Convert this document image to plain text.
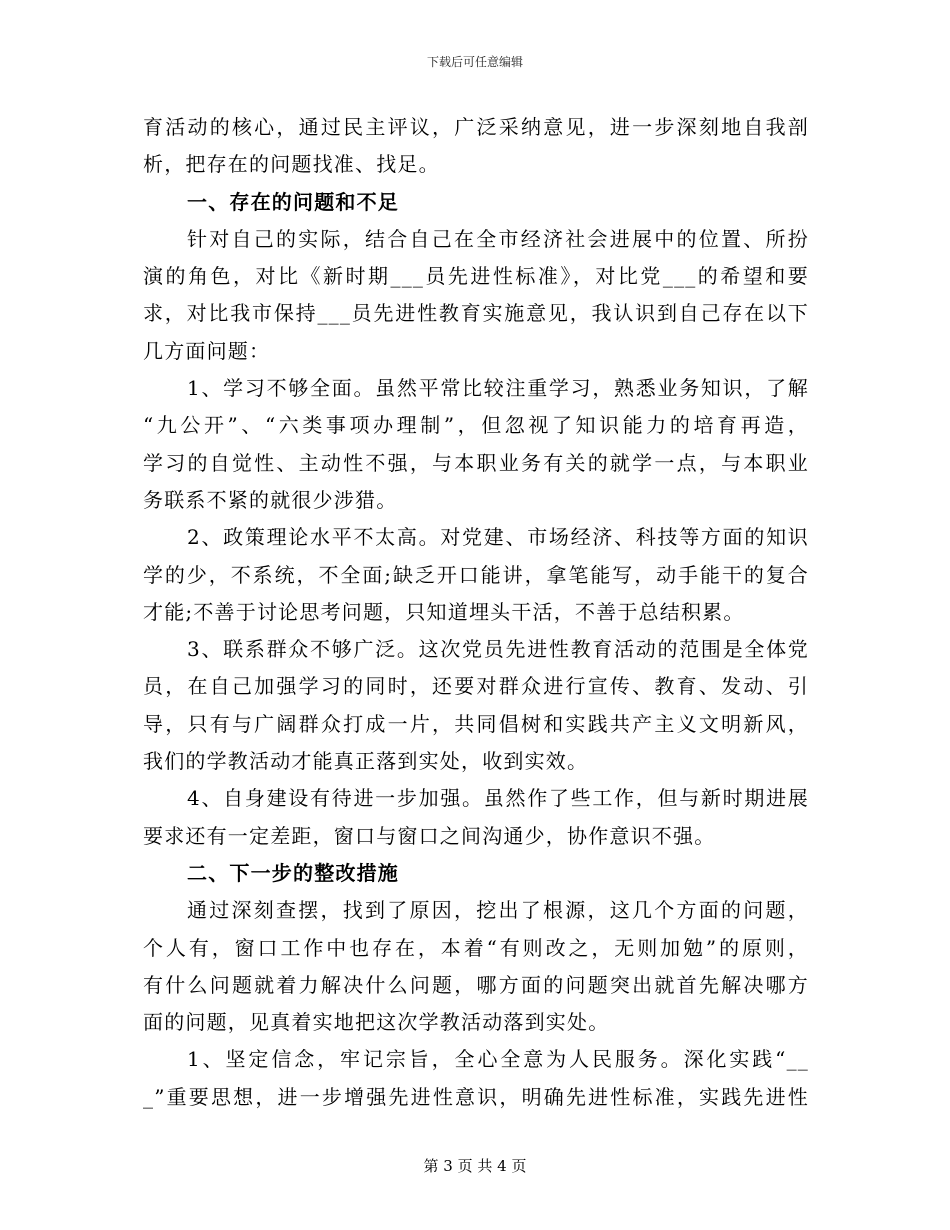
下载后可任意编辑
育活动的核心，通过民主评议，广泛采纳意见，进一步深刻地自我剖
析，把存在的问题找准、找足。
一、存在的问题和不足
针对自己的实际，结合自己在全市经济社会进展中的位置、所扮
演的角色，对比《新时期___员先进性标准》，对比党___的希望和要
求，对比我市保持___员先进性教育实施意见，我认识到自己存在以下
几方面问题：
1、学习不够全面。虽然平常比较注重学习，熟悉业务知识，了解
“九公开”、“六类事项办理制”，但忽视了知识能力的培育再造，
学习的自觉性、主动性不强，与本职业务有关的就学一点，与本职业
务联系不紧的就很少涉猎。
2、政策理论水平不太高。对党建、市场经济、科技等方面的知识
学的少，不系统，不全面;缺乏开口能讲，拿笔能写，动手能干的复合
才能;不善于讨论思考问题，只知道埋头干活，不善于总结积累。
3、联系群众不够广泛。这次党员先进性教育活动的范围是全体党
员，在自己加强学习的同时，还要对群众进行宣传、教育、发动、引
导，只有与广阔群众打成一片，共同倡树和实践共产主义文明新风，
我们的学教活动才能真正落到实处，收到实效。
4、自身建设有待进一步加强。虽然作了些工作，但与新时期进展
要求还有一定差距，窗口与窗口之间沟通少，协作意识不强。
二、下一步的整改措施
通过深刻查摆，找到了原因，挖出了根源，这几个方面的问题，
个人有，窗口工作中也存在，本着“有则改之，无则加勉”的原则，
有什么问题就着力解决什么问题，哪方面的问题突出就首先解决哪方
面的问题，见真着实地把这次学教活动落到实处。
1、坚定信念，牢记宗旨，全心全意为人民服务。深化实践“__
_”重要思想，进一步增强先进性意识，明确先进性标准，实践先进性
第 3 页 共 4 页
